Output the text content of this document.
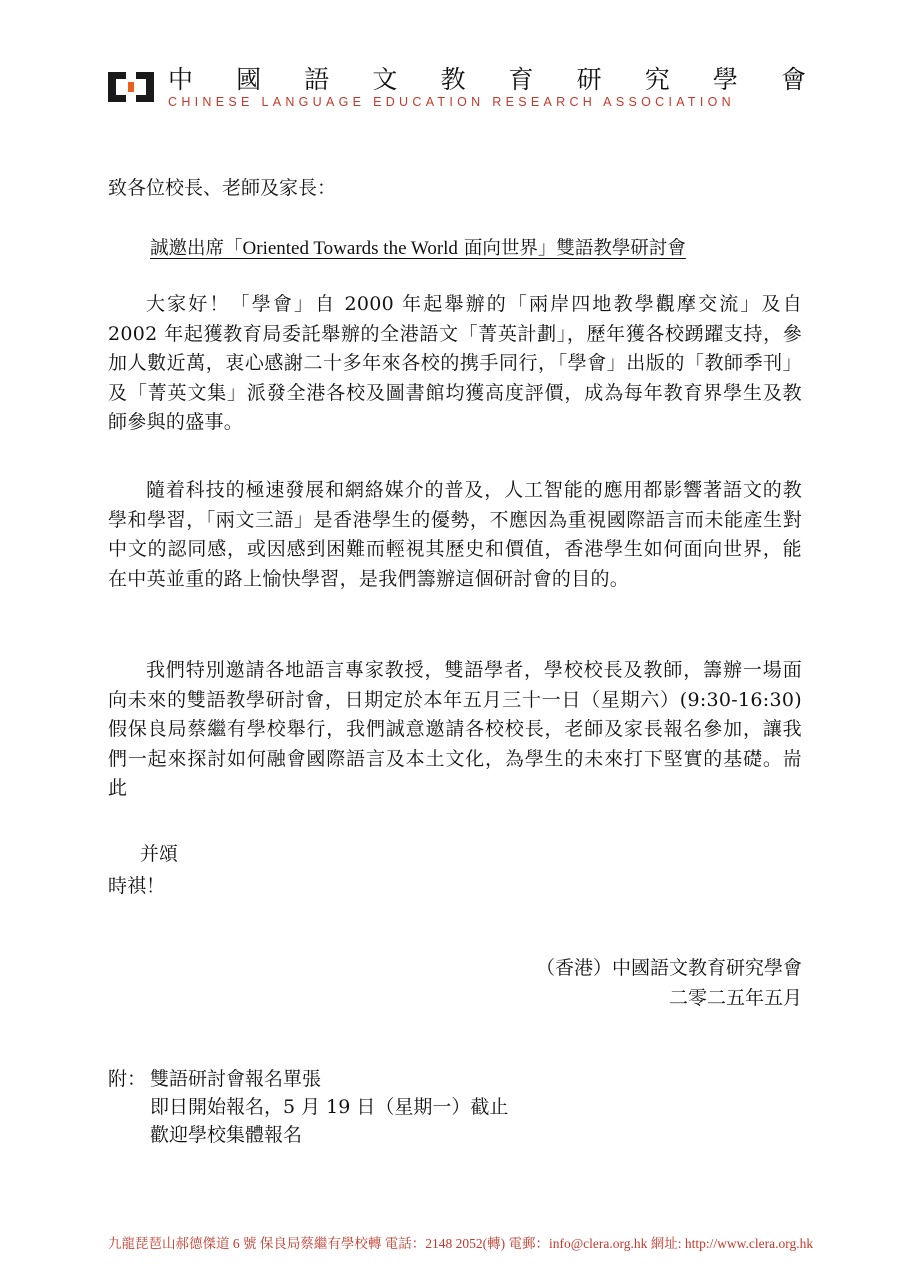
中 國 語 文 教 育 研 究 學 會
CHINESE LANGUAGE EDUCATION RESEARCH ASSOCIATION
致各位校長、老師及家長：
誠邀出席「Oriented Towards the World 面向世界」雙語教學研討會

大家好！「學會」自 2000 年起舉辦的「兩岸四地教學觀摩交流」及自 2002 年起獲教育局委託舉辦的全港語文「菁英計劃」，歷年獲各校踴躍支持，參加人數近萬，衷心感謝二十多年來各校的携手同行，「學會」出版的「教師季刊」及「菁英文集」派發全港各校及圖書館均獲高度評價，成為每年教育界學生及教師參與的盛事。

隨着科技的極速發展和網絡媒介的普及，人工智能的應用都影響著語文的教學和學習，「兩文三語」是香港學生的優勢，不應因為重視國際語言而未能產生對中文的認同感，或因感到困難而輕視其歷史和價值，香港學生如何面向世界，能在中英並重的路上愉快學習，是我們籌辦這個研討會的目的。

我們特別邀請各地語言專家教授，雙語學者，學校校長及教師，籌辦一場面向未來的雙語教學研討會，日期定於本年五月三十一日（星期六）(9:30-16:30)假保良局蔡繼有學校舉行，我們誠意邀請各校校長，老師及家長報名參加，讓我們一起來探討如何融會國際語言及本土文化，為學生的未來打下堅實的基礎。耑此

并頌
時祺！
（香港）中國語文教育研究學會
二零二五年五月
附： 雙語研討會報名單張
即日開始報名，5 月 19 日（星期一）截止
歡迎學校集體報名
九龍琵琶山郝德傑道 6 號 保良局蔡繼有學校轉 電話：2148 2052(轉) 電郵：info@clera.org.hk 網址: http://www.clera.org.hk
